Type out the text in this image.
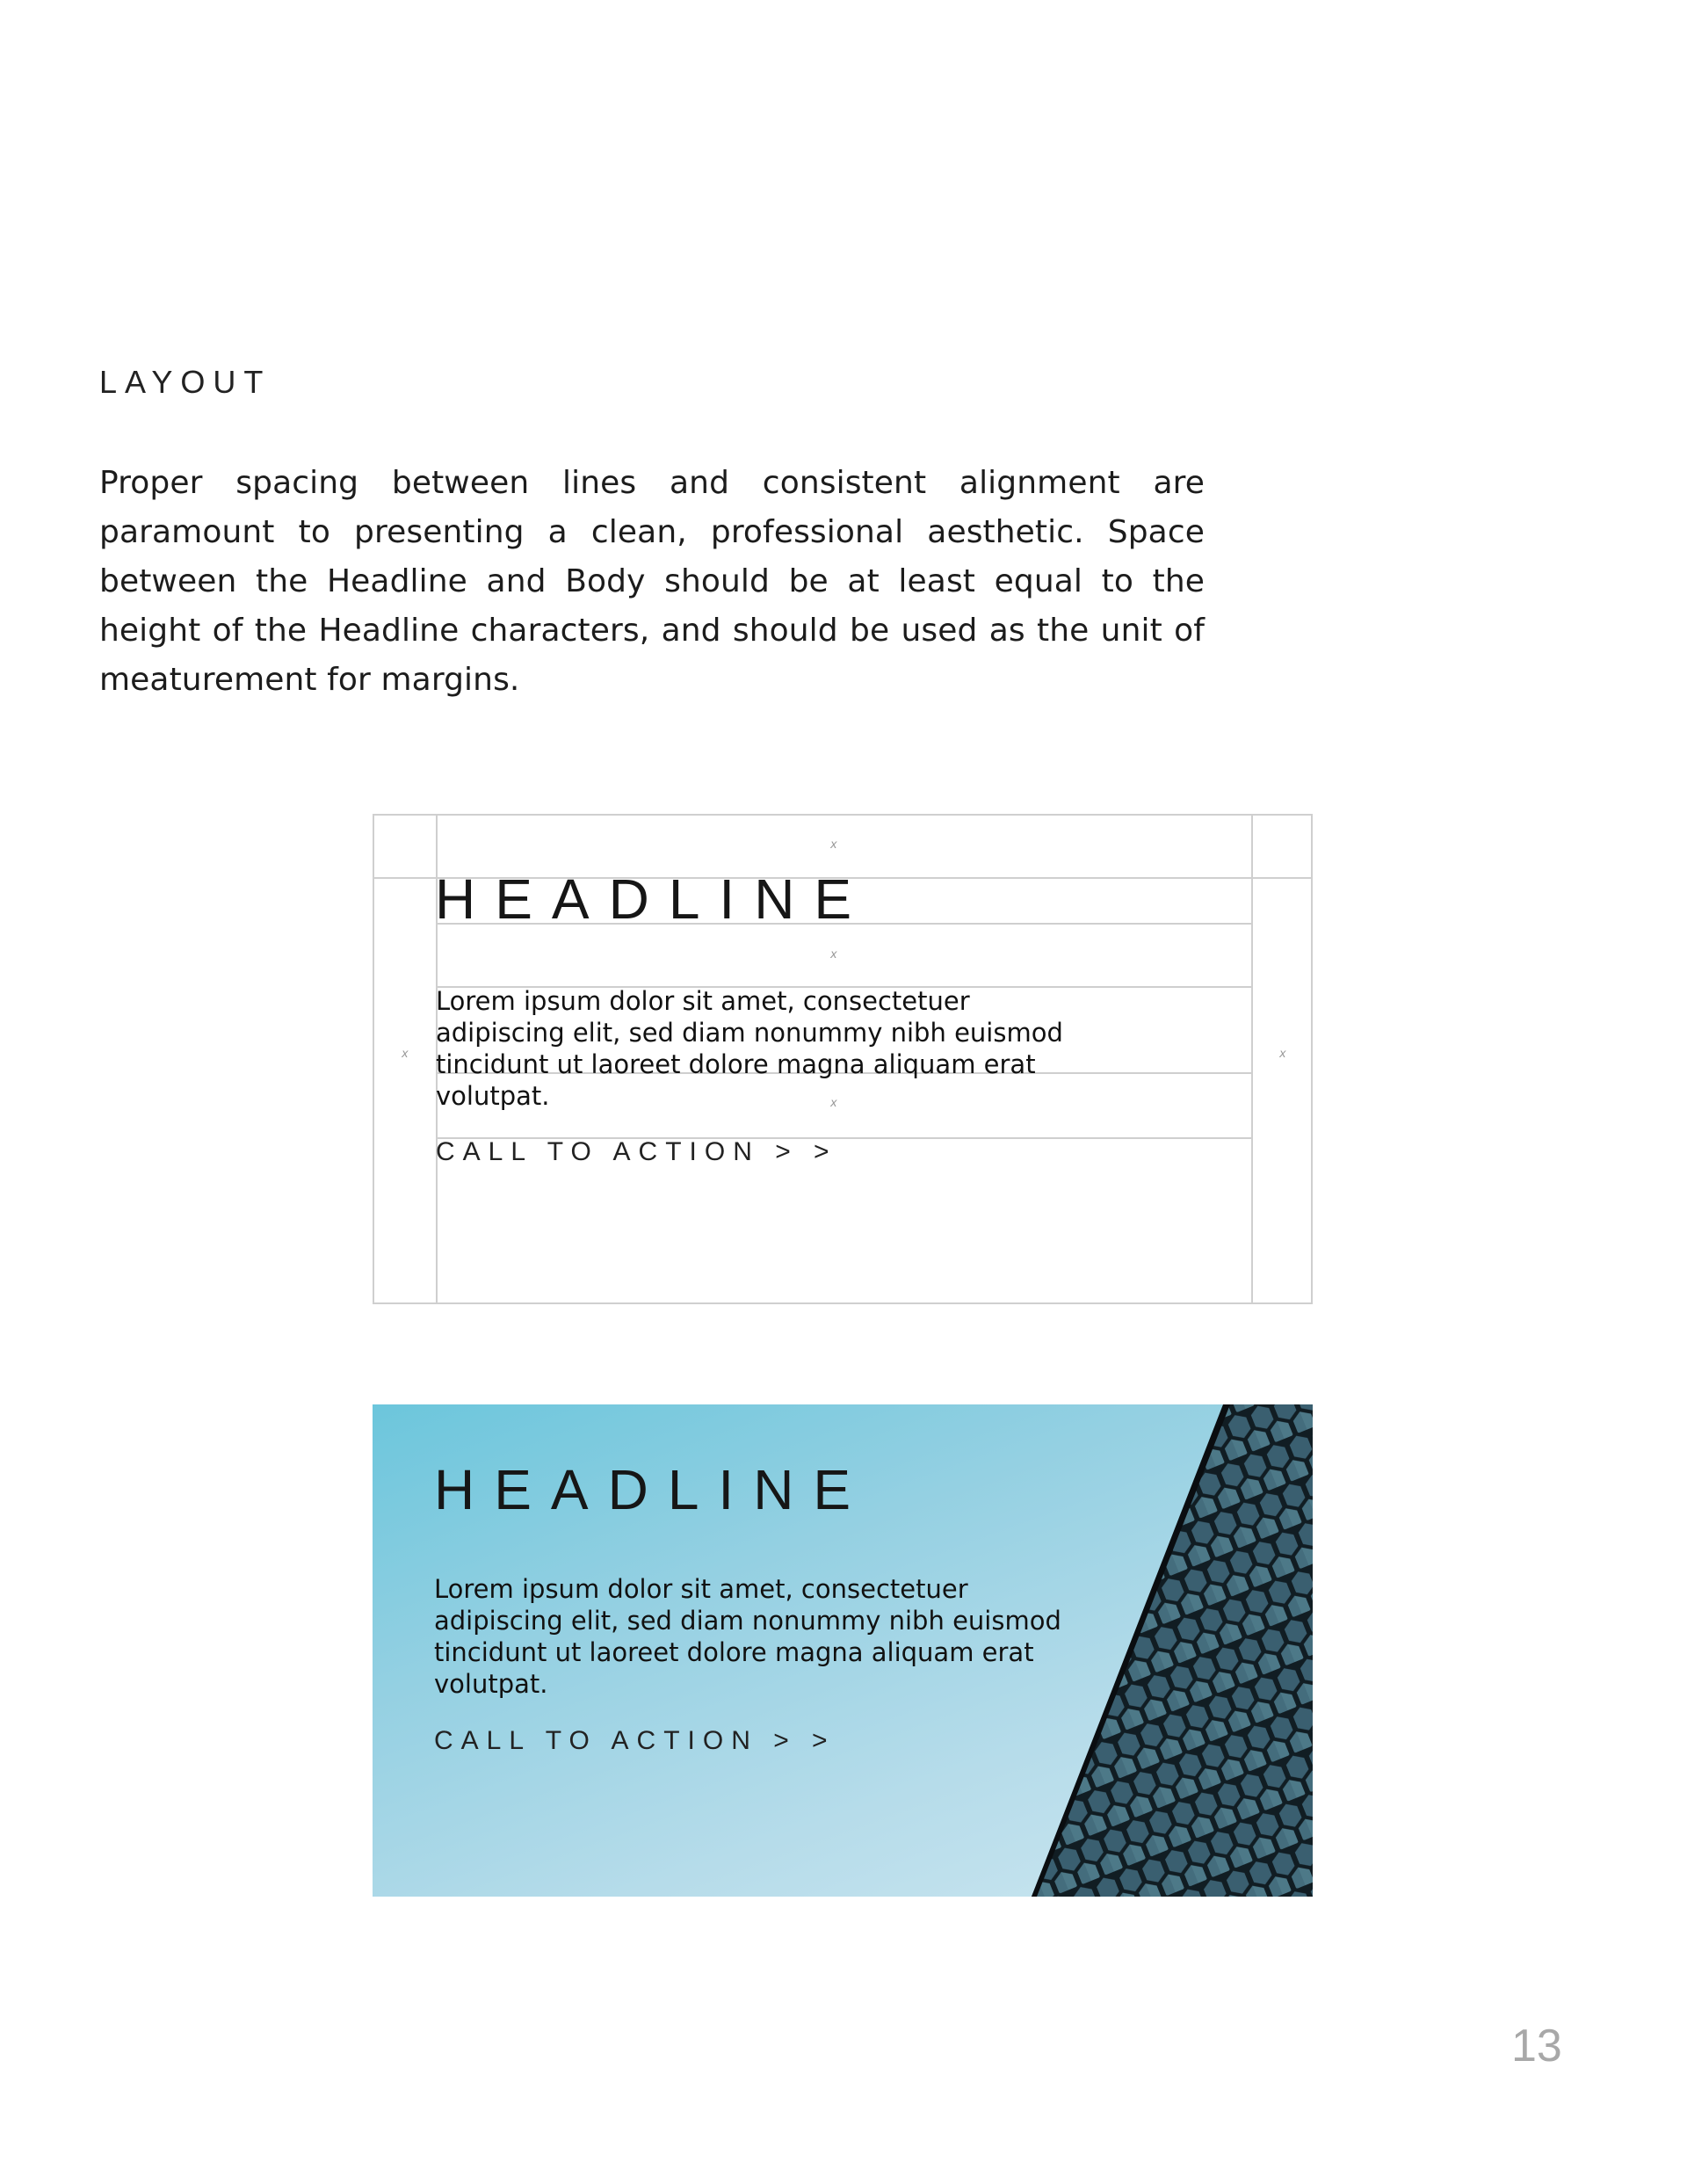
LAYOUT

Proper spacing between lines and consistent alignment are paramount to presenting a clean, professional aesthetic. Space between the Headline and Body should be at least equal to the height of the Headline characters, and should be used as the unit of meaturement for margins.

x
x
x
x	x
HEADLINE

Lorem ipsum dolor sit amet, consectetuer adipiscing elit, sed diam nonummy nibh euismod tincidunt ut laoreet dolore magna aliquam erat volutpat.

CALL TO ACTION > >
HEADLINE

Lorem ipsum dolor sit amet, consectetuer adipiscing elit, sed diam nonummy nibh euismod tincidunt ut laoreet dolore magna aliquam erat volutpat.

CALL TO ACTION > >

13
